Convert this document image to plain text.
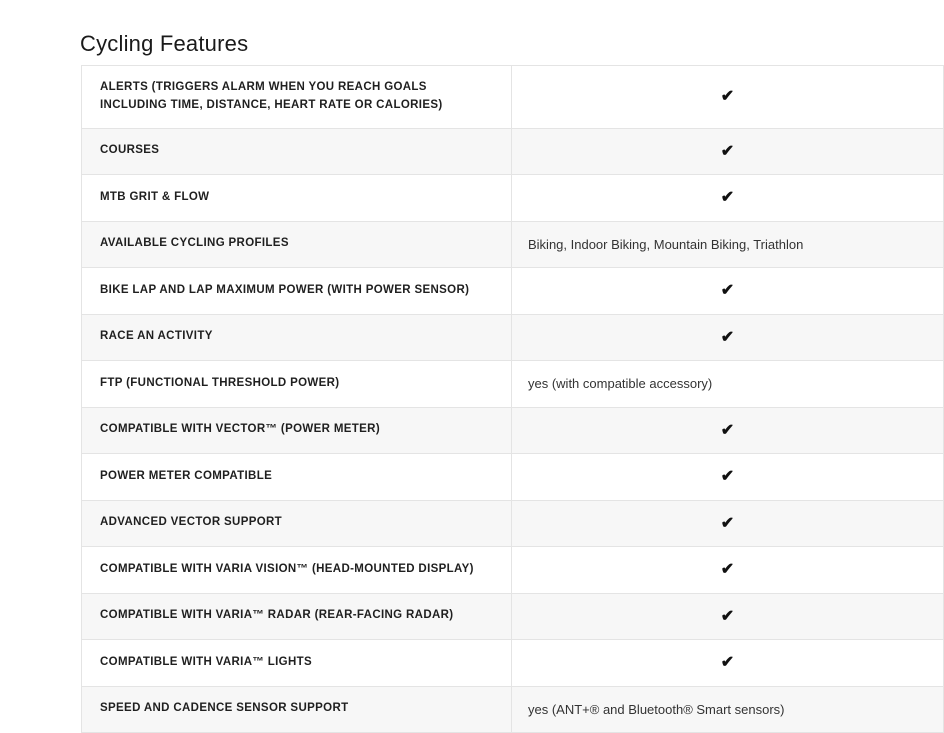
Cycling Features
ALERTS (TRIGGERS ALARM WHEN YOU REACH GOALS INCLUDING TIME, DISTANCE, HEART RATE OR CALORIES)	✔
COURSES	✔
MTB GRIT & FLOW	✔
AVAILABLE CYCLING PROFILES	Biking, Indoor Biking, Mountain Biking, Triathlon
BIKE LAP AND LAP MAXIMUM POWER (WITH POWER SENSOR)	✔
RACE AN ACTIVITY	✔
FTP (FUNCTIONAL THRESHOLD POWER)	yes (with compatible accessory)
COMPATIBLE WITH VECTOR™ (POWER METER)	✔
POWER METER COMPATIBLE	✔
ADVANCED VECTOR SUPPORT	✔
COMPATIBLE WITH VARIA VISION™ (HEAD-MOUNTED DISPLAY)	✔
COMPATIBLE WITH VARIA™ RADAR (REAR-FACING RADAR)	✔
COMPATIBLE WITH VARIA™ LIGHTS	✔
SPEED AND CADENCE SENSOR SUPPORT	yes (ANT+® and Bluetooth® Smart sensors)
